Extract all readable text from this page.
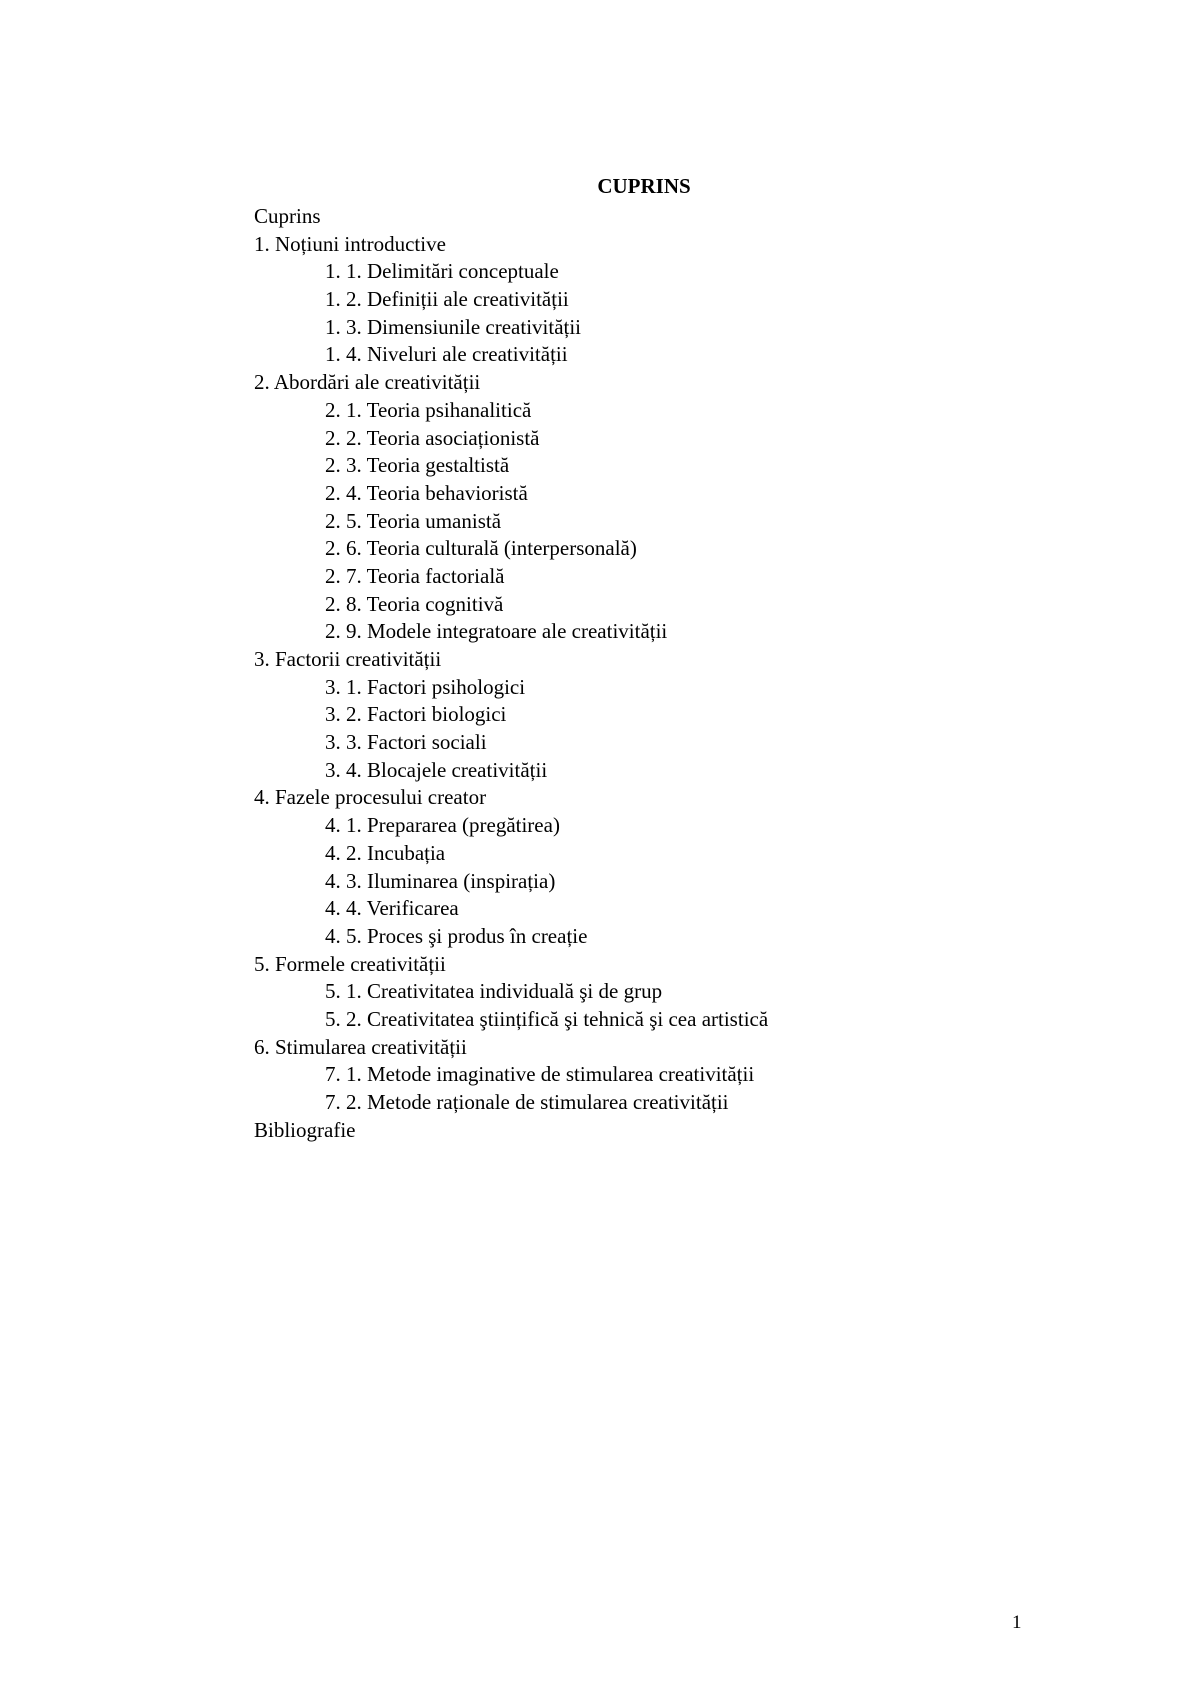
CUPRINS
Cuprins
1. Noțiuni introductive
1. 1. Delimitări conceptuale
1. 2. Definiții ale creativității
1. 3. Dimensiunile creativității
1. 4. Niveluri ale creativității
2. Abordări ale creativității
2. 1. Teoria psihanalitică
2. 2. Teoria asociaționistă
2. 3. Teoria gestaltistă
2. 4. Teoria behavioristă
2. 5. Teoria umanistă
2. 6. Teoria culturală (interpersonală)
2. 7. Teoria factorială
2. 8. Teoria cognitivă
2. 9. Modele integratoare ale creativității
3. Factorii creativității
3. 1. Factori psihologici
3. 2. Factori biologici
3. 3. Factori sociali
3. 4. Blocajele creativității
4. Fazele procesului creator
4. 1. Prepararea (pregătirea)
4. 2. Incubația
4. 3. Iluminarea (inspirația)
4. 4. Verificarea
4. 5. Proces şi produs în creație
5. Formele creativității
5. 1. Creativitatea individuală şi de grup
5. 2. Creativitatea ştiințifică şi tehnică şi cea artistică
6. Stimularea creativității
7. 1. Metode imaginative de stimularea creativității
7. 2. Metode raționale de stimularea creativității
Bibliografie
1
